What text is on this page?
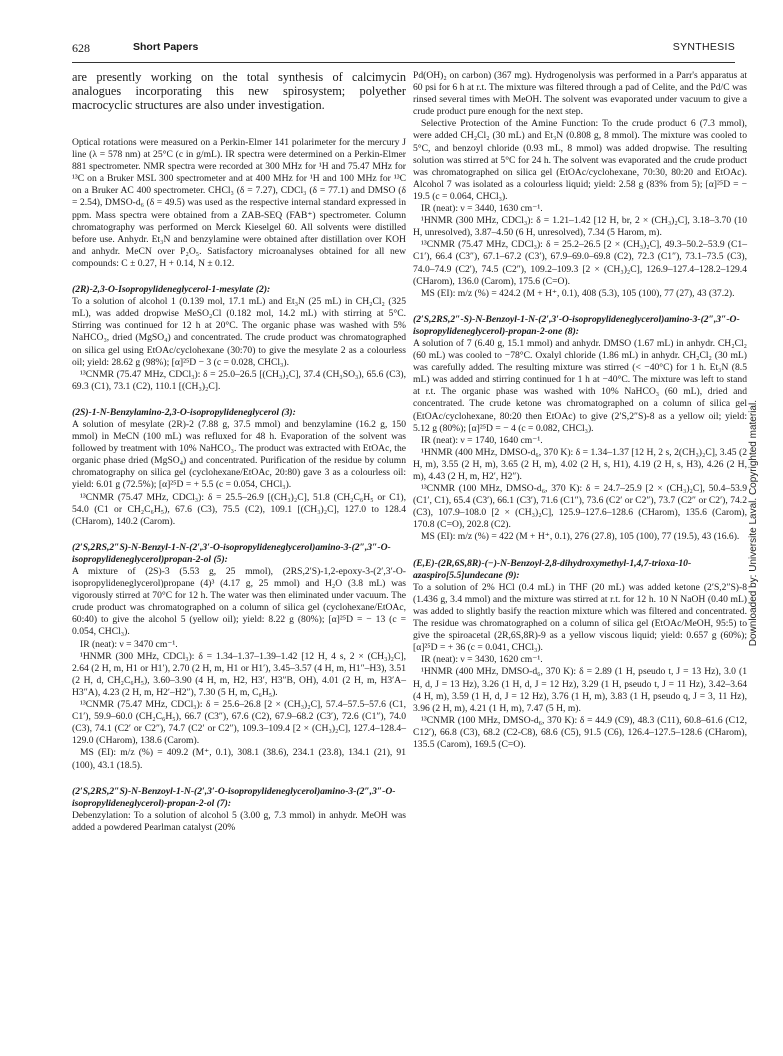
628	Short Papers	SYNTHESIS

are presently working on the total synthesis of calcimycin analogues incorporating this new spirosystem; polyether macrocyclic structures are also under investigation.

Optical rotations were measured on a Perkin-Elmer 141 polarimeter for the mercury J line (λ = 578 nm) at 25°C (c in g/mL). IR spectra were determined on a Perkin-Elmer 881 spectrometer. NMR spectra were recorded at 300 MHz for ¹H and 75.47 MHz for ¹³C on a Bruker MSL 300 spectrometer and at 400 MHz for ¹H and 100 MHz for ¹³C on a Bruker AC 400 spectrometer. CHCl₃ (δ = 7.27), CDCl₃ (δ = 77.1) and DMSO (δ = 2.54), DMSO-d₆ (δ = 49.5) was used as the respective internal standard expressed in ppm. Mass spectra were obtained from a ZAB-SEQ (FAB⁺) spectrometer. Column chromatography was performed on Merck Kieselgel 60. All solvents were distilled before use. Anhydr. Et₃N and benzylamine were obtained after distillation over KOH and anhydr. MeCN over P₂O₅. Satisfactory microanalyses obtained for all new compounds: C ± 0.27, H + 0.14, N ± 0.12.

(2R)-2,3-O-Isopropylideneglycerol-1-mesylate (2):

To a solution of alcohol 1 (0.139 mol, 17.1 mL) and Et₃N (25 mL) in CH₂Cl₂ (325 mL), was added dropwise MeSO₂Cl (0.182 mol, 14.2 mL) with stirring at 5°C. Stirring was continued for 12 h at 20°C. The organic phase was washed with 5% NaHCO₃, dried (MgSO₄) and concentrated. The crude product was chromatographed on silica gel using EtOAc/cyclohexane (30:70) to give the mesylate 2 as a colourless oil; yield: 28.62 g (98%); [α]²⁵D − 3 (c = 0.028, CHCl₃).

¹³CNMR (75.47 MHz, CDCl₃): δ = 25.0–26.5 [(CH₃)₂C], 37.4 (CH₃SO₃), 65.6 (C3), 69.3 (C1), 73.1 (C2), 110.1 [(CH₃)₂C].

(2S)-1-N-Benzylamino-2,3-O-isopropylideneglycerol (3):

A solution of mesylate (2R)-2 (7.88 g, 37.5 mmol) and benzylamine (16.2 g, 150 mmol) in MeCN (100 mL) was refluxed for 48 h. Evaporation of the solvent was followed by treatment with 10% NaHCO₃. The product was extracted with EtOAc, the organic phase dried (MgSO₄) and concentrated. Purification of the residue by column chromatography on silica gel (cyclohexane/EtOAc, 20:80) gave 3 as a colourless oil: yield: 6.01 g (72.5%); [α]²⁵D = + 5.5 (c = 0.054, CHCl₃).

¹³CNMR (75.47 MHz, CDCl₃): δ = 25.5–26.9 [(CH₃)₂C], 51.8 (CH₂C₆H₅ or C1), 54.0 (C1 or CH₂C₆H₅), 67.6 (C3), 75.5 (C2), 109.1 [(CH₃)₂C], 127.0 to 128.4 (CHarom), 140.2 (Carom).

(2′S,2RS,2″S)-N-Benzyl-1-N-(2′,3′-O-isopropylideneglycerol)amino-3-(2″,3″-O-isopropylideneglycerol)propan-2-ol (5):

A mixture of (2S)-3 (5.53 g, 25 mmol), (2RS,2′S)-1,2-epoxy-3-(2′,3′-O-isopropylideneglycerol)propane (4)³ (4.17 g, 25 mmol) and H₂O (3.8 mL) was vigorously stirred at 70°C for 12 h. The water was then eliminated under vacuum. The crude product was chromatographed on a column of silica gel (cyclohexane/EtOAc, 60:40) to give the alcohol 5 (yellow oil); yield: 8.22 g (80%); [α]²⁵D = − 13 (c = 0.054, CHCl₃).

IR (neat): ν = 3470 cm⁻¹.

¹HNMR (300 MHz, CDCl₃): δ = 1.34–1.37–1.39–1.42 [12 H, 4 s, 2 × (CH₃)₂C], 2.64 (2 H, m, H1 or H1′), 2.70 (2 H, m, H1 or H1′), 3.45–3.57 (4 H, m, H1″–H3), 3.51 (2 H, d, CH₂C₆H₅), 3.60–3.90 (4 H, m, H2, H3′, H3″B, OH), 4.01 (2 H, m, H3′A–H3″A), 4.23 (2 H, m, H2′–H2″), 7.30 (5 H, m, C₆H₅).

¹³CNMR (75.47 MHz, CDCl₃): δ = 25.6–26.8 [2 × (CH₃)₂C], 57.4–57.5–57.6 (C1, C1′), 59.9–60.0 (CH₂C₆H₅), 66.7 (C3″), 67.6 (C2), 67.9–68.2 (C3′), 72.6 (C1″), 74.0 (C3), 74.1 (C2′ or C2″), 74.7 (C2′ or C2″), 109.3–109.4 [2 × (CH₃)₂C], 127.4–128.4–129.0 (CHarom), 138.6 (Carom).

MS (EI): m/z (%) = 409.2 (M⁺, 0.1), 308.1 (38.6), 234.1 (23.8), 134.1 (21), 91 (100), 43.1 (18.5).

(2′S,2RS,2″S)-N-Benzoyl-1-N-(2′,3′-O-isopropylideneglycerol)amino-3-(2″,3″-O-isopropylideneglycerol)-propan-2-ol (7):

Debenzylation: To a solution of alcohol 5 (3.00 g, 7.3 mmol) in anhydr. MeOH was added a powdered Pearlman catalyst (20%

Pd(OH)₂ on carbon) (367 mg). Hydrogenolysis was performed in a Parr's apparatus at 60 psi for 6 h at r.t. The mixture was filtered through a pad of Celite, and the Pd/C was rinsed several times with MeOH. The solvent was evaporated under vacuum to give a crude product pure enough for the next step.

Selective Protection of the Amine Function: To the crude product 6 (7.3 mmol), were added CH₂Cl₂ (30 mL) and Et₃N (0.808 g, 8 mmol). The mixture was cooled to 5°C, and benzoyl chloride (0.93 mL, 8 mmol) was added dropwise. The resulting solution was stirred at 5°C for 24 h. The solvent was evaporated and the crude product was chromatographed on silica gel (EtOAc/cyclohexane, 70:30, 80:20 and EtOAc). Alcohol 7 was isolated as a colourless liquid; yield: 2.58 g (83% from 5); [α]²⁵D = − 19.5 (c = 0.064, CHCl₃).

IR (neat): ν = 3440, 1630 cm⁻¹.

¹HNMR (300 MHz, CDCl₃): δ = 1.21–1.42 [12 H, br, 2 × (CH₃)₂C], 3.18–3.70 (10 H, unresolved), 3.87–4.50 (6 H, unresolved), 7.34 (5 Harom, m).

¹³CNMR (75.47 MHz, CDCl₃): δ = 25.2–26.5 [2 × (CH₃)₂C], 49.3–50.2–53.9 (C1–C1′), 66.4 (C3″), 67.1–67.2 (C3′), 67.9–69.0–69.8 (C2), 72.3 (C1″), 73.1–73.5 (C3), 74.0–74.9 (C2′), 74.5 (C2″), 109.2–109.3 [2 × (CH₃)₂C], 126.9–127.4–128.2–129.4 (CHarom), 136.0 (Carom), 175.6 (C=O).

MS (EI): m/z (%) = 424.2 (M + H⁺, 0.1), 408 (5.3), 105 (100), 77 (27), 43 (37.2).

(2′S,2RS,2″-S)-N-Benzoyl-1-N-(2′,3′-O-isopropylideneglycerol)amino-3-(2″,3″-O-isopropylideneglycerol)-propan-2-one (8):

A solution of 7 (6.40 g, 15.1 mmol) and anhydr. DMSO (1.67 mL) in anhydr. CH₂Cl₂ (60 mL) was cooled to −78°C. Oxalyl chloride (1.86 mL) in anhydr. CH₂Cl₂ (30 mL) was carefully added. The resulting mixture was stirred (< −40°C) for 1 h. Et₃N (8.5 mL) was added and stirring continued for 1 h at −40°C. The mixture was left to stand at r.t. The organic phase was washed with 10% NaHCO₃ (60 mL), dried and concentrated. The crude ketone was chromatographed on a column of silica gel (EtOAc/cyclohexane, 80:20 then EtOAc) to give (2′S,2″S)-8 as a yellow oil; yield: 5.12 g (80%); [α]²⁵D = − 4 (c = 0.082, CHCl₃).

IR (neat): ν = 1740, 1640 cm⁻¹.

¹HNMR (400 MHz, DMSO-d₆, 370 K): δ = 1.34–1.37 [12 H, 2 s, 2(CH₃)₂C], 3.45 (2 H, m), 3.55 (2 H, m), 3.65 (2 H, m), 4.02 (2 H, s, H1), 4.19 (2 H, s, H3), 4.26 (2 H, m), 4.43 (2 H, m, H2′, H2″).

¹³CNMR (100 MHz, DMSO-d₆, 370 K): δ = 24.7–25.9 [2 × (CH₃)₂C], 50.4–53.9 (C1′, C1), 65.4 (C3′), 66.1 (C3′), 71.6 (C1″), 73.6 (C2′ or C2″), 73.7 (C2″ or C2′), 74.2 (C3), 107.9–108.0 [2 × (CH₃)₂C], 125.9–127.6–128.6 (CHarom), 135.6 (Carom), 170.8 (C=O), 202.8 (C2).

MS (EI): m/z (%) = 422 (M + H⁺, 0.1), 276 (27.8), 105 (100), 77 (19.5), 43 (16.6).

(E,E)-(2R,6S,8R)-(−)-N-Benzoyl-2,8-dihydroxymethyl-1,4,7-trioxa-10-azaspiro[5.5]undecane (9):

To a solution of 2% HCl (0.4 mL) in THF (20 mL) was added ketone (2′S,2″S)-8 (1.436 g, 3.4 mmol) and the mixture was stirred at r.t. for 12 h. 10 N NaOH (0.40 mL) was added to slightly basify the reaction mixture which was filtered and concentrated. The residue was chromatographed on a column of silica gel (EtOAc/MeOH, 95:5) to give the spiroacetal (2R,6S,8R)-9 as a yellow viscous liquid; yield: 0.657 g (60%); [α]²⁵D = + 36 (c = 0.041, CHCl₃).

IR (neat): ν = 3430, 1620 cm⁻¹.

¹HNMR (400 MHz, DMSO-d₆, 370 K): δ = 2.89 (1 H, pseudo t, J = 13 Hz), 3.0 (1 H, d, J = 13 Hz), 3.26 (1 H, d, J = 12 Hz), 3.29 (1 H, pseudo t, J = 11 Hz), 3.42–3.64 (4 H, m), 3.59 (1 H, d, J = 12 Hz), 3.76 (1 H, m), 3.83 (1 H, pseudo q, J = 3, 11 Hz), 3.96 (2 H, m), 4.21 (1 H, m), 7.47 (5 H, m).

¹³CNMR (100 MHz, DMSO-d₆, 370 K): δ = 44.9 (C9), 48.3 (C11), 60.8–61.6 (C12, C12′), 66.8 (C3), 68.2 (C2-C8), 68.6 (C5), 91.5 (C6), 126.4–127.5–128.6 (CHarom), 135.5 (Carom), 169.5 (C=O).

Downloaded by: Universite Laval. Copyrighted material.
